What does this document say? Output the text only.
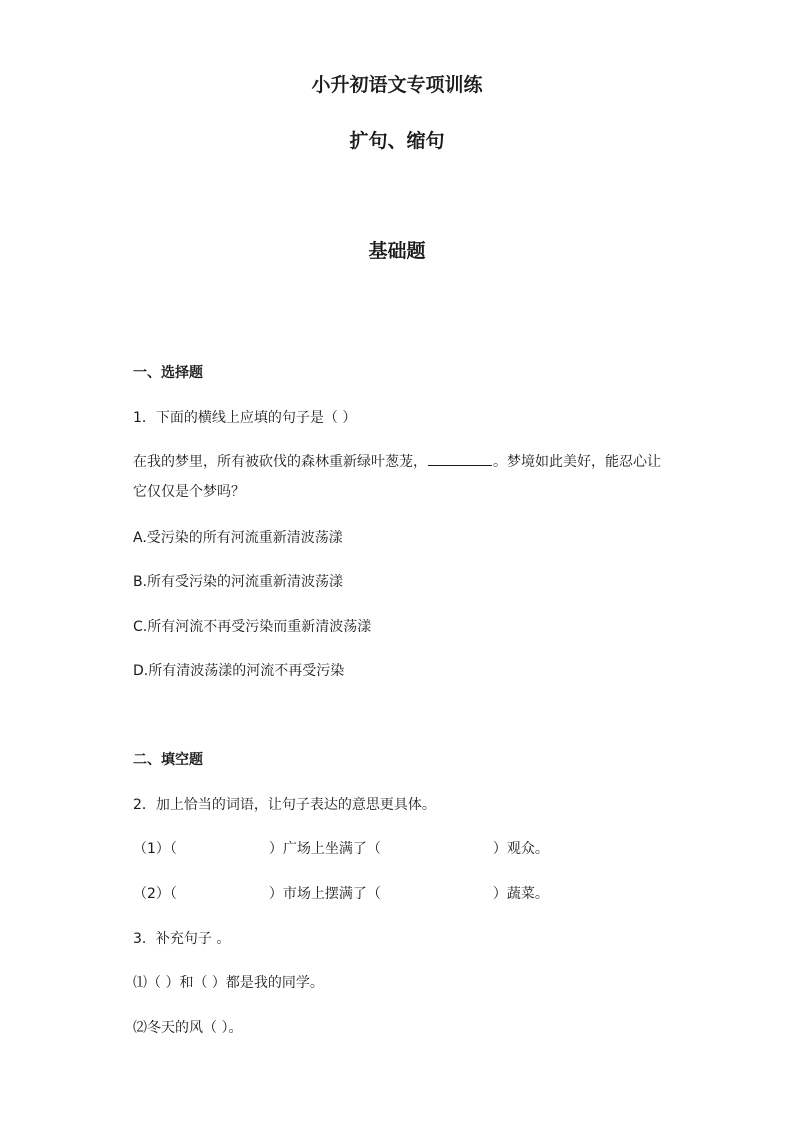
小升初语文专项训练
扩句、缩句
基础题
一、选择题
1．下面的横线上应填的句子是（ ）
在我的梦里，所有被砍伐的森林重新绿叶葱茏，	。梦境如此美好，能忍心让
它仅仅是个梦吗？
A.受污染的所有河流重新清波荡漾
B.所有受污染的河流重新清波荡漾
C.所有河流不再受污染而重新清波荡漾
D.所有清波荡漾的河流不再受污染
二、填空题
2．加上恰当的词语，让句子表达的意思更具体。
（1）（	）广场上坐满了（	）观众。
（2）（	）市场上摆满了（	）蔬菜。
3．补充句子 。
⑴（ ）和（ ）都是我的同学。
⑵冬天的风（ ）。
